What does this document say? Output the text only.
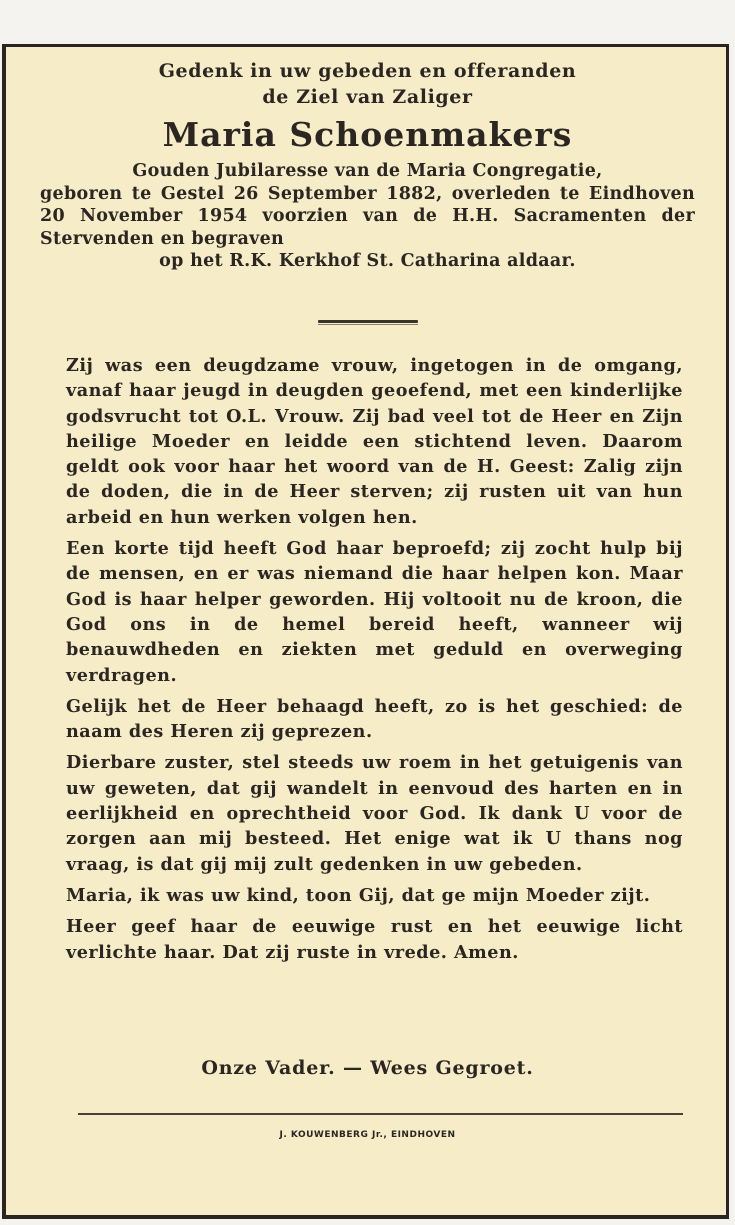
Gedenk in uw gebeden en offeranden
de Ziel van Zaliger
Maria Schoenmakers
Gouden Jubilaresse van de Maria Congregatie,
geboren te Gestel 26 September 1882, overleden te Eindhoven 20 November 1954 voorzien van de H.H. Sacramenten der Stervenden en begraven
op het R.K. Kerkhof St. Catharina aldaar.

Zij was een deugdzame vrouw, ingetogen in de omgang, vanaf haar jeugd in deugden geoefend, met een kinderlijke godsvrucht tot O.L. Vrouw. Zij bad veel tot de Heer en Zijn heilige Moeder en leidde een stichtend leven. Daarom geldt ook voor haar het woord van de H. Geest: Zalig zijn de doden, die in de Heer sterven; zij rusten uit van hun arbeid en hun werken volgen hen.

Een korte tijd heeft God haar beproefd; zij zocht hulp bij de mensen, en er was niemand die haar helpen kon. Maar God is haar helper geworden. Hij voltooit nu de kroon, die God ons in de hemel bereid heeft, wanneer wij benauwdheden en ziekten met geduld en overweging verdragen.

Gelijk het de Heer behaagd heeft, zo is het geschied: de naam des Heren zij geprezen.

Dierbare zuster, stel steeds uw roem in het getuigenis van uw geweten, dat gij wandelt in eenvoud des harten en in eerlijkheid en oprechtheid voor God. Ik dank U voor de zorgen aan mij besteed. Het enige wat ik U thans nog vraag, is dat gij mij zult gedenken in uw gebeden.

Maria, ik was uw kind, toon Gij, dat ge mijn Moeder zijt.

Heer geef haar de eeuwige rust en het eeuwige licht verlichte haar. Dat zij ruste in vrede. Amen.

Onze Vader. — Wees Gegroet.
J. KOUWENBERG Jr., EINDHOVEN
